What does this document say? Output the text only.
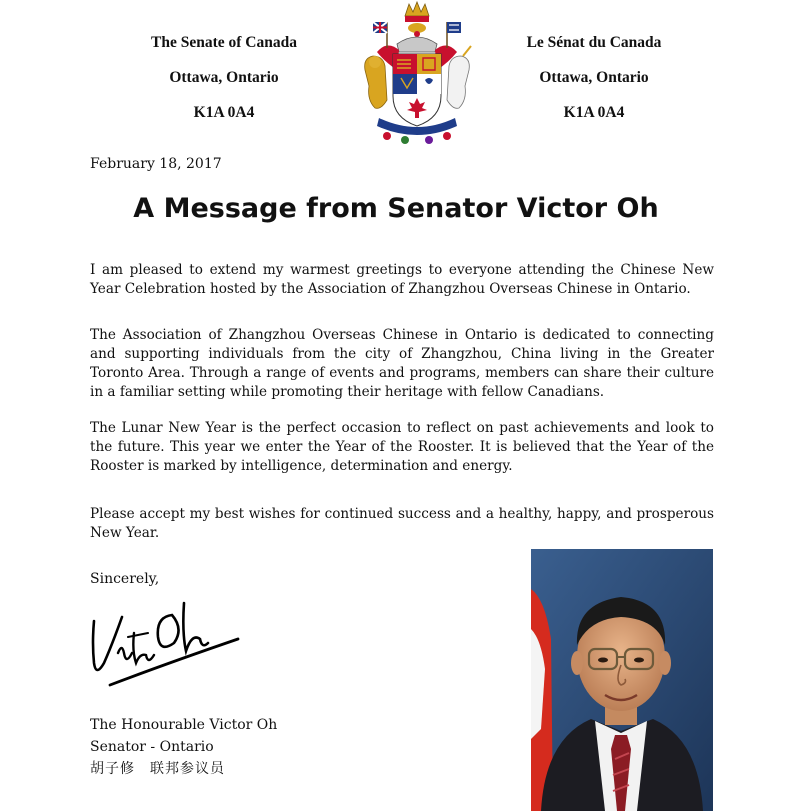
The Senate of Canada
Ottawa, Ontario
K1A 0A4
Le Sénat du Canada
Ottawa, Ontario
K1A 0A4
February 18, 2017
A Message from Senator Victor Oh
I am pleased to extend my warmest greetings to everyone attending the Chinese New Year Celebration hosted by the Association of Zhangzhou Overseas Chinese in Ontario.
The Association of Zhangzhou Overseas Chinese in Ontario is dedicated to connecting and supporting individuals from the city of Zhangzhou, China living in the Greater Toronto Area. Through a range of events and programs, members can share their culture in a familiar setting while promoting their heritage with fellow Canadians.
The Lunar New Year is the perfect occasion to reflect on past achievements and look to the future. This year we enter the Year of the Rooster. It is believed that the Year of the Rooster is marked by intelligence, determination and energy.
Please accept my best wishes for continued success and a healthy, happy, and prosperous New Year.
Sincerely,
The Honourable Victor Oh
Senator - Ontario
胡子修　联邦参议员
